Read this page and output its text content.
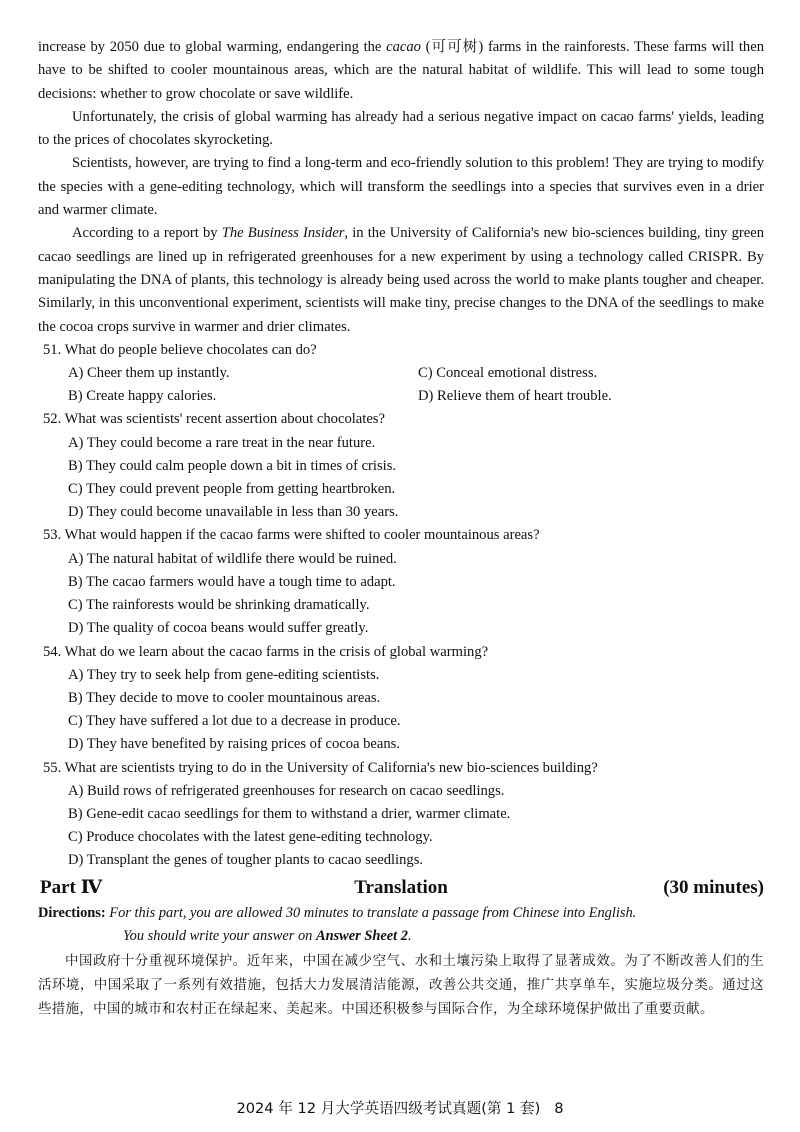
increase by 2050 due to global warming, endangering the cacao (可可树) farms in the rainforests. These farms will then have to be shifted to cooler mountainous areas, which are the natural habitat of wildlife. This will lead to some tough decisions: whether to grow chocolate or save wildlife.

Unfortunately, the crisis of global warming has already had a serious negative impact on cacao farms' yields, leading to the prices of chocolates skyrocketing.

Scientists, however, are trying to find a long-term and eco-friendly solution to this problem! They are trying to modify the species with a gene-editing technology, which will transform the seedlings into a species that survives even in a drier and warmer climate.

According to a report by The Business Insider, in the University of California's new bio-sciences building, tiny green cacao seedlings are lined up in refrigerated greenhouses for a new experiment by using a technology called CRISPR. By manipulating the DNA of plants, this technology is already being used across the world to make plants tougher and cheaper. Similarly, in this unconventional experiment, scientists will make tiny, precise changes to the DNA of the seedlings to make the cocoa crops survive in warmer and drier climates.

51. What do people believe chocolates can do?
A) Cheer them up instantly.	C) Conceal emotional distress.
B) Create happy calories.	D) Relieve them of heart trouble.
52. What was scientists' recent assertion about chocolates?
A) They could become a rare treat in the near future.
B) They could calm people down a bit in times of crisis.
C) They could prevent people from getting heartbroken.
D) They could become unavailable in less than 30 years.
53. What would happen if the cacao farms were shifted to cooler mountainous areas?
A) The natural habitat of wildlife there would be ruined.
B) The cacao farmers would have a tough time to adapt.
C) The rainforests would be shrinking dramatically.
D) The quality of cocoa beans would suffer greatly.
54. What do we learn about the cacao farms in the crisis of global warming?
A) They try to seek help from gene-editing scientists.
B) They decide to move to cooler mountainous areas.
C) They have suffered a lot due to a decrease in produce.
D) They have benefited by raising prices of cocoa beans.
55. What are scientists trying to do in the University of California's new bio-sciences building?
A) Build rows of refrigerated greenhouses for research on cacao seedlings.
B) Gene-edit cacao seedlings for them to withstand a drier, warmer climate.
C) Produce chocolates with the latest gene-editing technology.
D) Transplant the genes of tougher plants to cacao seedlings.
Part Ⅳ	Translation	(30 minutes)
Directions: For this part, you are allowed 30 minutes to translate a passage from Chinese into English.
You should write your answer on Answer Sheet 2.

中国政府十分重视环境保护。近年来，中国在减少空气、水和土壤污染上取得了显著成效。为了不断改善人们的生活环境，中国采取了一系列有效措施，包括大力发展清洁能源，改善公共交通，推广共享单车，实施垃圾分类。通过这些措施，中国的城市和农村正在绿起来、美起来。中国还积极参与国际合作，为全球环境保护做出了重要贡献。

2024 年 12 月大学英语四级考试真题(第 1 套) 8
